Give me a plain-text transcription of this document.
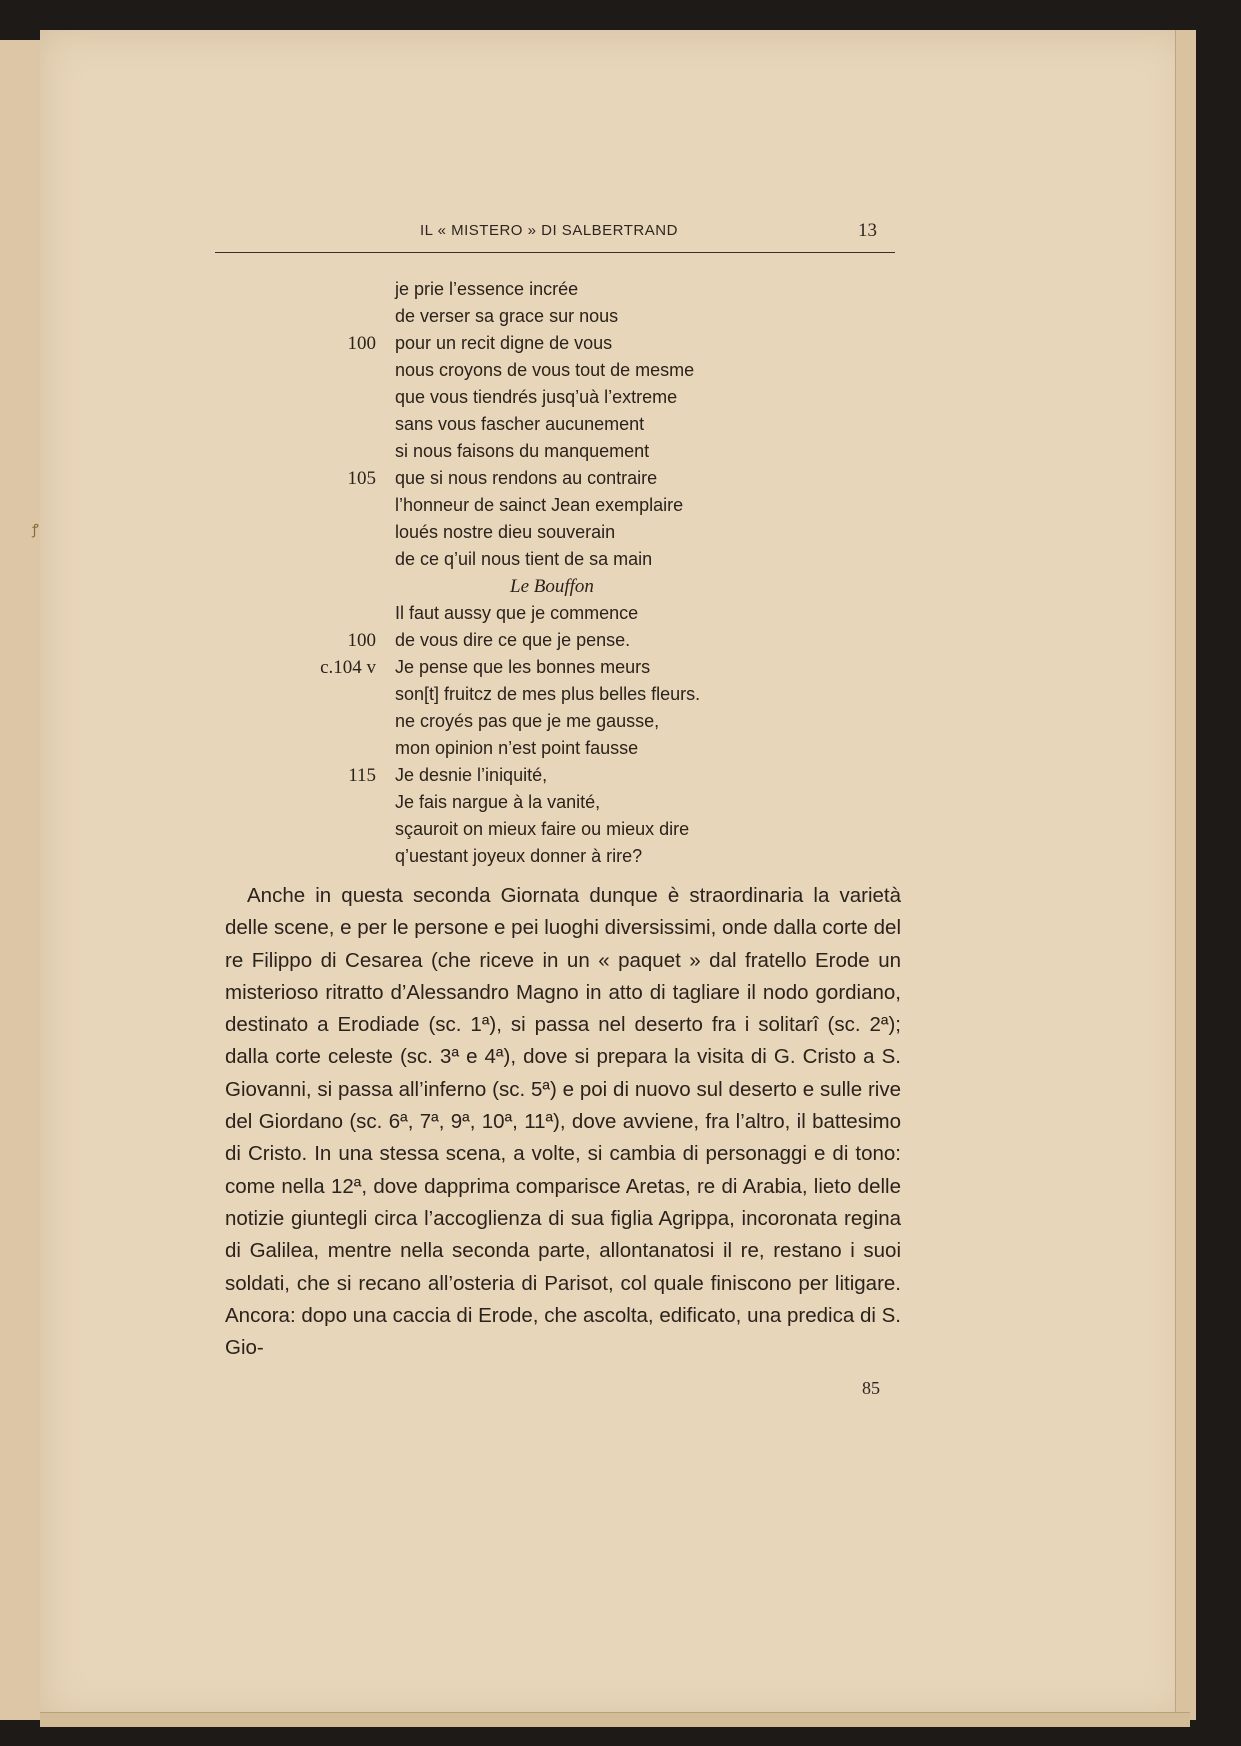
ꝭ
IL « MISTERO » DI SALBERTRAND	13
je prie l’essence incrée
de verser sa grace sur nous
100 pour un recit digne de vous
nous croyons de vous tout de mesme
que vous tiendrés jusq’uà l’extreme
sans vous fascher aucunement
si nous faisons du manquement
105 que si nous rendons au contraire
l’honneur de sainct Jean exemplaire
loués nostre dieu souverain
de ce q’uil nous tient de sa main
Le Bouffon
Il faut aussy que je commence
100 de vous dire ce que je pense.
c.104 v Je pense que les bonnes meurs
son[t] fruitcz de mes plus belles fleurs.
ne croyés pas que je me gausse,
mon opinion n’est point fausse
115 Je desnie l’iniquité,
Je fais nargue à la vanité,
sçauroit on mieux faire ou mieux dire
q’uestant joyeux donner à rire?

Anche in questa seconda Giornata dunque è straordinaria la varietà delle scene, e per le persone e pei luoghi diversissimi, onde dalla corte del re Filippo di Cesarea (che riceve in un « paquet » dal fratello Erode un misterioso ritratto d’Alessandro Magno in atto di tagliare il nodo gordiano, destinato a Erodiade (sc. 1ª), si passa nel deserto fra i solitarî (sc. 2ª); dalla corte celeste (sc. 3ª e 4ª), dove si prepara la visita di G. Cristo a S. Giovanni, si passa all’inferno (sc. 5ª) e poi di nuovo sul deserto e sulle rive del Giordano (sc. 6ª, 7ª, 9ª, 10ª, 11ª), dove avviene, fra l’altro, il battesimo di Cristo. In una stessa scena, a volte, si cambia di personaggi e di tono: come nella 12ª, dove dapprima comparisce Aretas, re di Arabia, lieto delle notizie giuntegli circa l’accoglienza di sua figlia Agrippa, incoronata regina di Galilea, mentre nella seconda parte, allontanatosi il re, restano i suoi soldati, che si recano all’osteria di Parisot, col quale finiscono per litigare. Ancora: dopo una caccia di Erode, che ascolta, edificato, una predica di S. Gio-

85
